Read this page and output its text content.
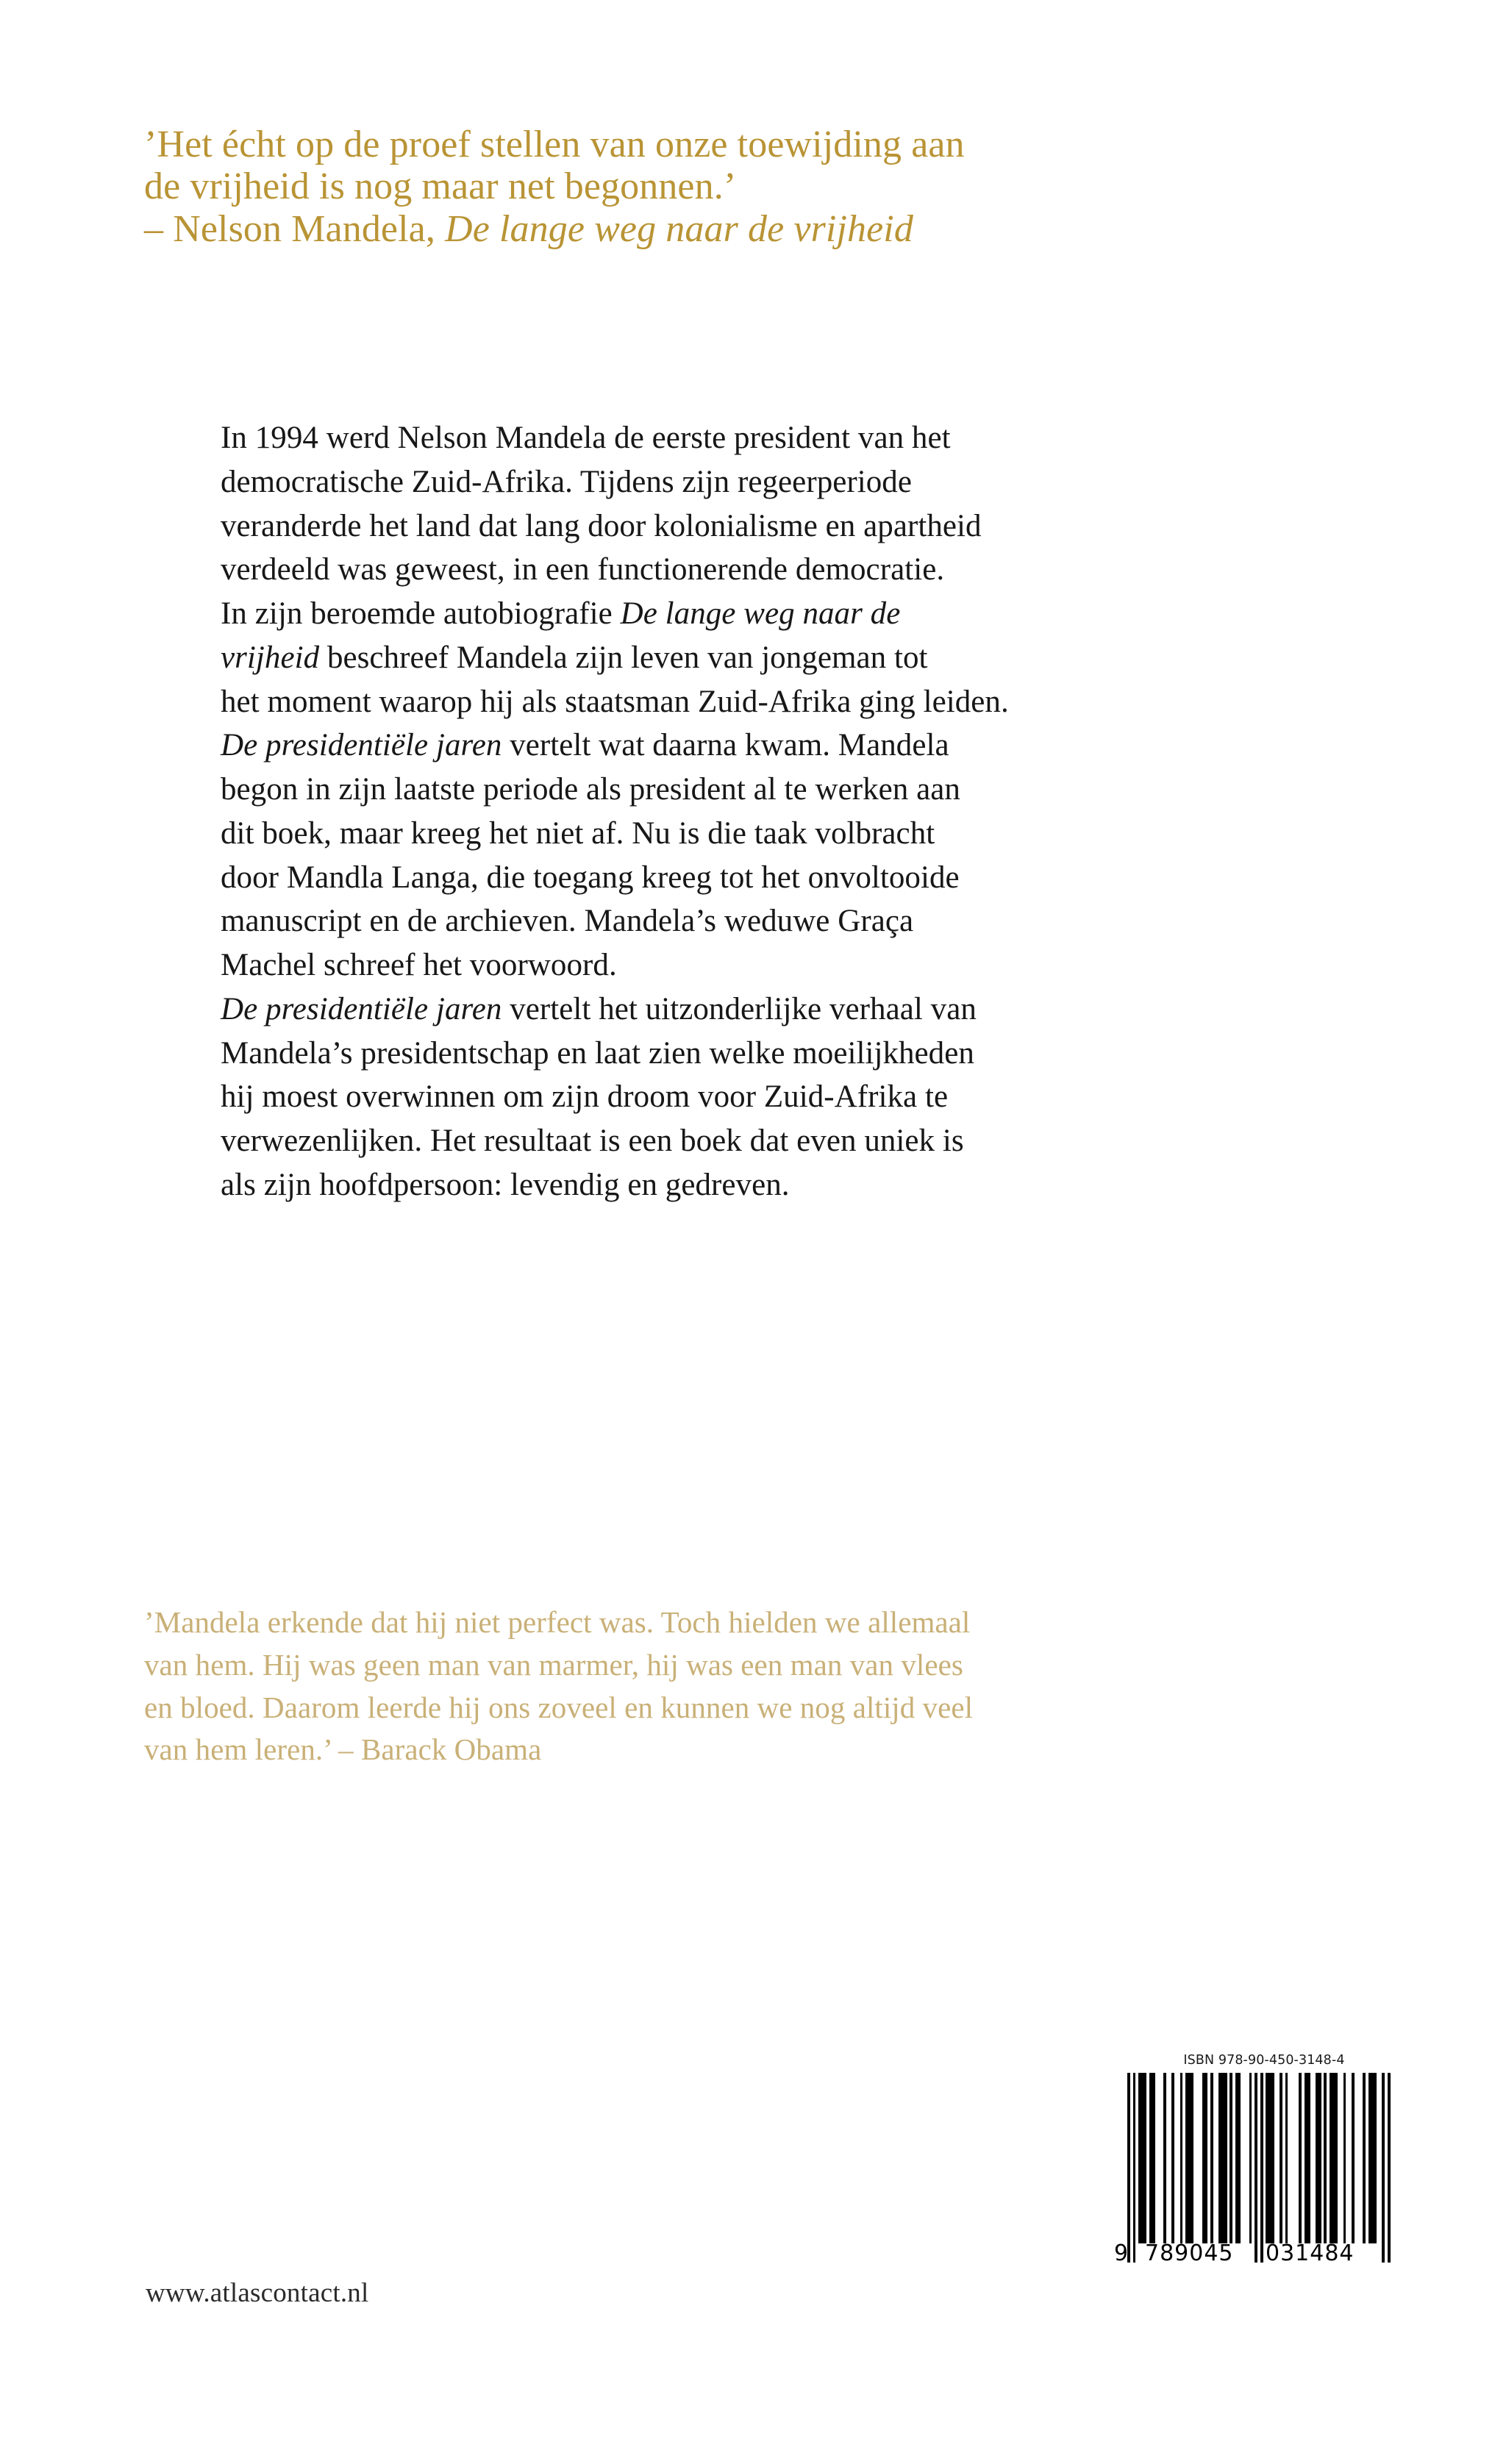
’Het écht op de proef stellen van onze toewijding aan
de vrijheid is nog maar net begonnen.’
– Nelson Mandela, De lange weg naar de vrijheid
In 1994 werd Nelson Mandela de eerste president van het
democratische Zuid-Afrika. Tijdens zijn regeerperiode
veranderde het land dat lang door kolonialisme en apartheid
verdeeld was geweest, in een functionerende democratie.
In zijn beroemde autobiografie De lange weg naar de
vrijheid beschreef Mandela zijn leven van jongeman tot
het moment waarop hij als staatsman Zuid-Afrika ging leiden.
De presidentiële jaren vertelt wat daarna kwam. Mandela
begon in zijn laatste periode als president al te werken aan
dit boek, maar kreeg het niet af. Nu is die taak volbracht
door Mandla Langa, die toegang kreeg tot het onvoltooide
manuscript en de archieven. Mandela’s weduwe Graça
Machel schreef het voorwoord.
De presidentiële jaren vertelt het uitzonderlijke verhaal van
Mandela’s presidentschap en laat zien welke moeilijkheden
hij moest overwinnen om zijn droom voor Zuid-Afrika te
verwezenlijken. Het resultaat is een boek dat even uniek is
als zijn hoofdpersoon: levendig en gedreven.
’Mandela erkende dat hij niet perfect was. Toch hielden we allemaal
van hem. Hij was geen man van marmer, hij was een man van vlees
en bloed. Daarom leerde hij ons zoveel en kunnen we nog altijd veel
van hem leren.’ – Barack Obama
www.atlascontact.nl
ISBN 978-90-450-3148-4
9 789045 031484
